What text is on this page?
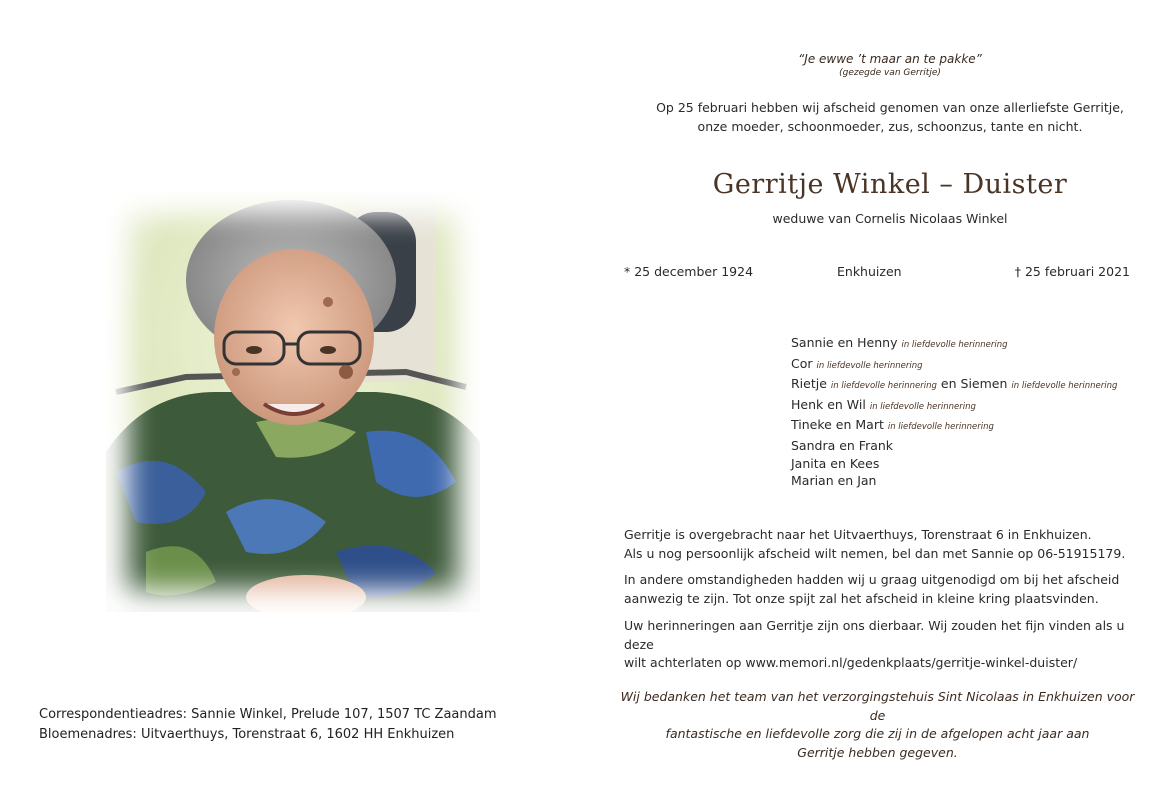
Correspondentieadres: Sannie Winkel, Prelude 107, 1507 TC Zaandam
Bloemenadres: Uitvaerthuys, Torenstraat 6, 1602 HH Enkhuizen
“Je ewwe ’t maar an te pakke”
(gezegde van Gerritje)
Op 25 februari hebben wij afscheid genomen van onze allerliefste Gerritje,
onze moeder, schoonmoeder, zus, schoonzus, tante en nicht.
Gerritje Winkel – Duister
weduwe van Cornelis Nicolaas Winkel
* 25 december 1924	Enkhuizen	† 25 februari 2021
Sannie en Henny in liefdevolle herinnering
Cor in liefdevolle herinnering
Rietje in liefdevolle herinnering en Siemen in liefdevolle herinnering
Henk en Wil in liefdevolle herinnering
Tineke en Mart in liefdevolle herinnering
Sandra en Frank
Janita en Kees
Marian en Jan
Gerritje is overgebracht naar het Uitvaerthuys, Torenstraat 6 in Enkhuizen.
Als u nog persoonlijk afscheid wilt nemen, bel dan met Sannie op 06-51915179.
In andere omstandigheden hadden wij u graag uitgenodigd om bij het afscheid
aanwezig te zijn. Tot onze spijt zal het afscheid in kleine kring plaatsvinden.
Uw herinneringen aan Gerritje zijn ons dierbaar. Wij zouden het fijn vinden als u deze
wilt achterlaten op www.memori.nl/gedenkplaats/gerritje-winkel-duister/
Wij bedanken het team van het verzorgingstehuis Sint Nicolaas in Enkhuizen voor de
fantastische en liefdevolle zorg die zij in de afgelopen acht jaar aan
Gerritje hebben gegeven.
